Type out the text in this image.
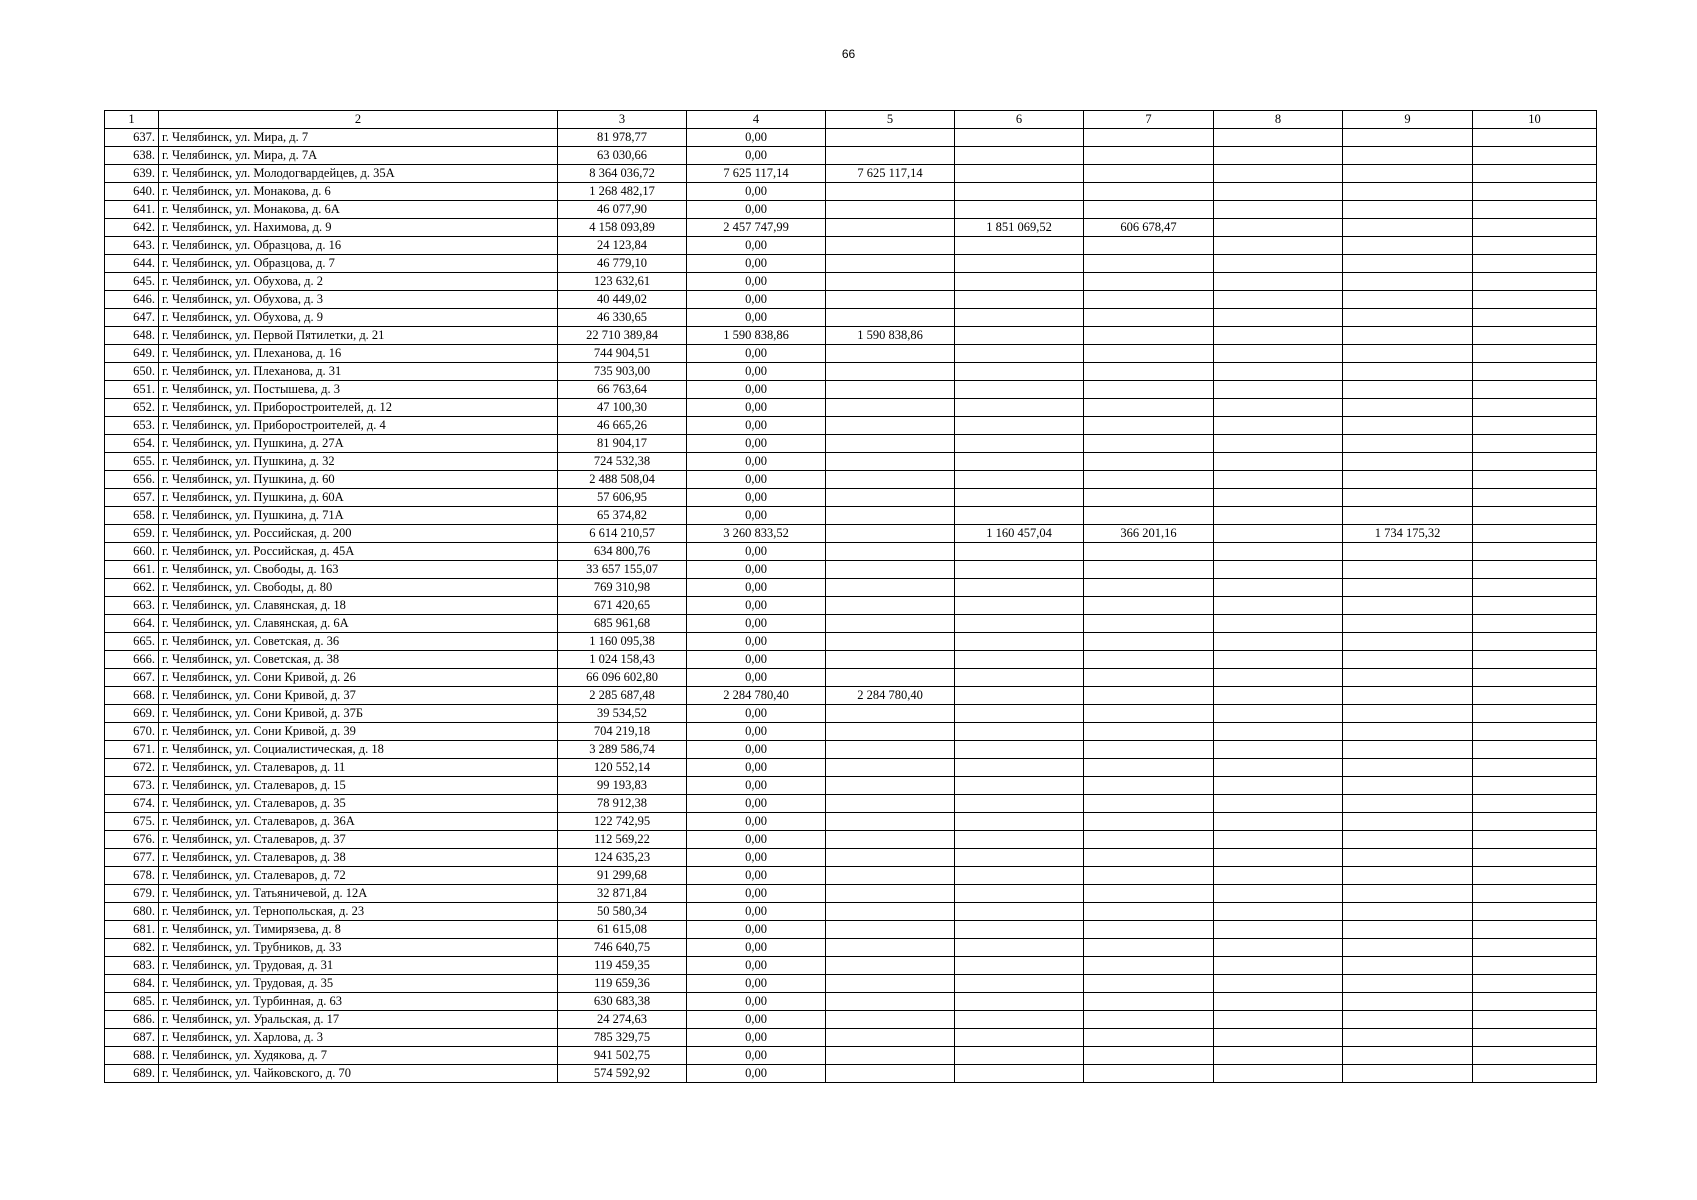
66
1	2	3	4	5	6	7	8	9	10
637.	г. Челябинск, ул. Мира, д. 7	81 978,77	0,00						
638.	г. Челябинск, ул. Мира, д. 7А	63 030,66	0,00						
639.	г. Челябинск, ул. Молодогвардейцев, д. 35А	8 364 036,72	7 625 117,14	7 625 117,14					
640.	г. Челябинск, ул. Монакова, д. 6	1 268 482,17	0,00						
641.	г. Челябинск, ул. Монакова, д. 6А	46 077,90	0,00						
642.	г. Челябинск, ул. Нахимова, д. 9	4 158 093,89	2 457 747,99		1 851 069,52	606 678,47			
643.	г. Челябинск, ул. Образцова, д. 16	24 123,84	0,00						
644.	г. Челябинск, ул. Образцова, д. 7	46 779,10	0,00						
645.	г. Челябинск, ул. Обухова, д. 2	123 632,61	0,00						
646.	г. Челябинск, ул. Обухова, д. 3	40 449,02	0,00						
647.	г. Челябинск, ул. Обухова, д. 9	46 330,65	0,00						
648.	г. Челябинск, ул. Первой Пятилетки, д. 21	22 710 389,84	1 590 838,86	1 590 838,86					
649.	г. Челябинск, ул. Плеханова, д. 16	744 904,51	0,00						
650.	г. Челябинск, ул. Плеханова, д. 31	735 903,00	0,00						
651.	г. Челябинск, ул. Постышева, д. 3	66 763,64	0,00						
652.	г. Челябинск, ул. Приборостроителей, д. 12	47 100,30	0,00						
653.	г. Челябинск, ул. Приборостроителей, д. 4	46 665,26	0,00						
654.	г. Челябинск, ул. Пушкина, д. 27А	81 904,17	0,00						
655.	г. Челябинск, ул. Пушкина, д. 32	724 532,38	0,00						
656.	г. Челябинск, ул. Пушкина, д. 60	2 488 508,04	0,00						
657.	г. Челябинск, ул. Пушкина, д. 60А	57 606,95	0,00						
658.	г. Челябинск, ул. Пушкина, д. 71А	65 374,82	0,00						
659.	г. Челябинск, ул. Российская, д. 200	6 614 210,57	3 260 833,52		1 160 457,04	366 201,16		1 734 175,32	
660.	г. Челябинск, ул. Российская, д. 45А	634 800,76	0,00						
661.	г. Челябинск, ул. Свободы, д. 163	33 657 155,07	0,00						
662.	г. Челябинск, ул. Свободы, д. 80	769 310,98	0,00						
663.	г. Челябинск, ул. Славянская, д. 18	671 420,65	0,00						
664.	г. Челябинск, ул. Славянская, д. 6А	685 961,68	0,00						
665.	г. Челябинск, ул. Советская, д. 36	1 160 095,38	0,00						
666.	г. Челябинск, ул. Советская, д. 38	1 024 158,43	0,00						
667.	г. Челябинск, ул. Сони Кривой, д. 26	66 096 602,80	0,00						
668.	г. Челябинск, ул. Сони Кривой, д. 37	2 285 687,48	2 284 780,40	2 284 780,40					
669.	г. Челябинск, ул. Сони Кривой, д. 37Б	39 534,52	0,00						
670.	г. Челябинск, ул. Сони Кривой, д. 39	704 219,18	0,00						
671.	г. Челябинск, ул. Социалистическая, д. 18	3 289 586,74	0,00						
672.	г. Челябинск, ул. Сталеваров, д. 11	120 552,14	0,00						
673.	г. Челябинск, ул. Сталеваров, д. 15	99 193,83	0,00						
674.	г. Челябинск, ул. Сталеваров, д. 35	78 912,38	0,00						
675.	г. Челябинск, ул. Сталеваров, д. 36А	122 742,95	0,00						
676.	г. Челябинск, ул. Сталеваров, д. 37	112 569,22	0,00						
677.	г. Челябинск, ул. Сталеваров, д. 38	124 635,23	0,00						
678.	г. Челябинск, ул. Сталеваров, д. 72	91 299,68	0,00						
679.	г. Челябинск, ул. Татьяничевой, д. 12А	32 871,84	0,00						
680.	г. Челябинск, ул. Тернопольская, д. 23	50 580,34	0,00						
681.	г. Челябинск, ул. Тимирязева, д. 8	61 615,08	0,00						
682.	г. Челябинск, ул. Трубников, д. 33	746 640,75	0,00						
683.	г. Челябинск, ул. Трудовая, д. 31	119 459,35	0,00						
684.	г. Челябинск, ул. Трудовая, д. 35	119 659,36	0,00						
685.	г. Челябинск, ул. Турбинная, д. 63	630 683,38	0,00						
686.	г. Челябинск, ул. Уральская, д. 17	24 274,63	0,00						
687.	г. Челябинск, ул. Харлова, д. 3	785 329,75	0,00						
688.	г. Челябинск, ул. Худякова, д. 7	941 502,75	0,00						
689.	г. Челябинск, ул. Чайковского, д. 70	574 592,92	0,00						
